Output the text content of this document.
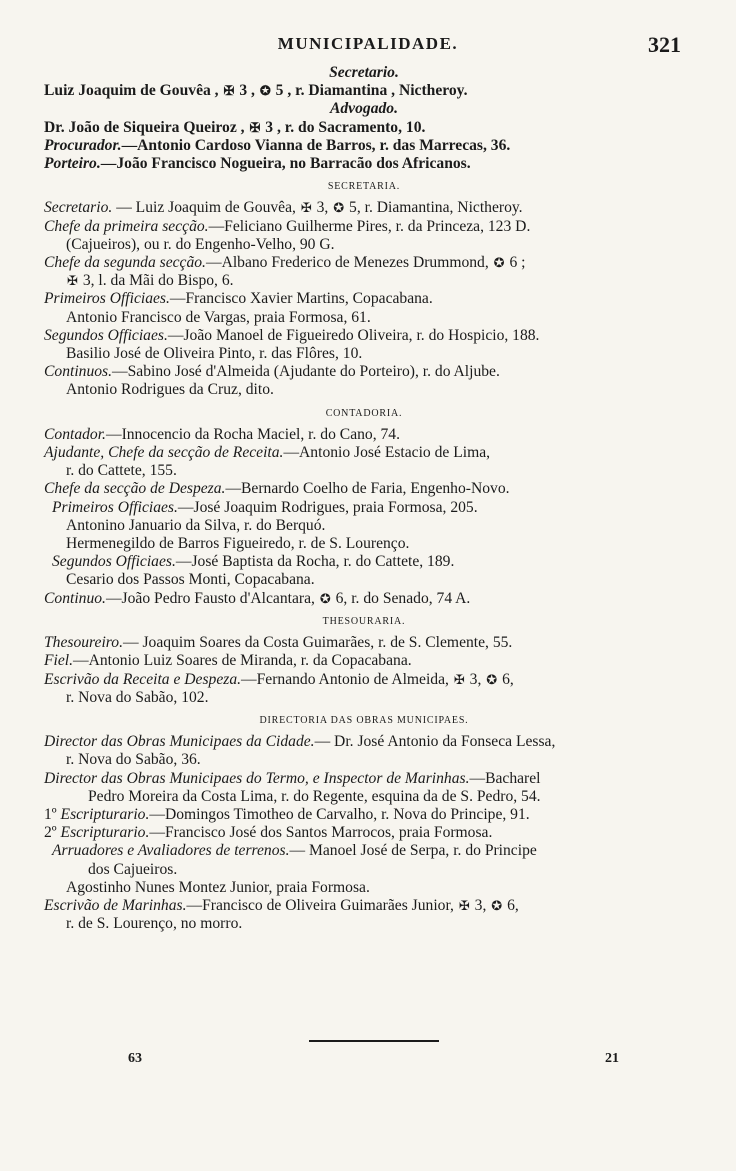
MUNICIPALIDADE.	321
Secretario.
Luiz Joaquim de Gouvêa , ✠ 3 , ✪ 5 , r. Diamantina , Nictheroy.
Advogado.
Dr. João de Siqueira Queiroz , ✠ 3 , r. do Sacramento, 10.
Procurador.—Antonio Cardoso Vianna de Barros, r. das Marrecas, 36.
Porteiro.—João Francisco Nogueira, no Barracão dos Africanos.
SECRETARIA.
Secretario. — Luiz Joaquim de Gouvêa, ✠ 3, ✪ 5, r. Diamantina, Nictheroy.
Chefe da primeira secção.—Feliciano Guilherme Pires, r. da Princeza, 123 D.
(Cajueiros), ou r. do Engenho-Velho, 90 G.
Chefe da segunda secção.—Albano Frederico de Menezes Drummond, ✪ 6 ;
✠ 3, l. da Mãi do Bispo, 6.
Primeiros Officiaes.—Francisco Xavier Martins, Copacabana.
Antonio Francisco de Vargas, praia Formosa, 61.
Segundos Officiaes.—João Manoel de Figueiredo Oliveira, r. do Hospicio, 188.
Basilio José de Oliveira Pinto, r. das Flôres, 10.
Continuos.—Sabino José d'Almeida (Ajudante do Porteiro), r. do Aljube.
Antonio Rodrigues da Cruz, dito.
CONTADORIA.
Contador.—Innocencio da Rocha Maciel, r. do Cano, 74.
Ajudante, Chefe da secção de Receita.—Antonio José Estacio de Lima,
r. do Cattete, 155.
Chefe da secção de Despeza.—Bernardo Coelho de Faria, Engenho-Novo.
Primeiros Officiaes.—José Joaquim Rodrigues, praia Formosa, 205.
Antonino Januario da Silva, r. do Berquó.
Hermenegildo de Barros Figueiredo, r. de S. Lourenço.
Segundos Officiaes.—José Baptista da Rocha, r. do Cattete, 189.
Cesario dos Passos Monti, Copacabana.
Continuo.—João Pedro Fausto d'Alcantara, ✪ 6, r. do Senado, 74 A.
THESOURARIA.
Thesoureiro.— Joaquim Soares da Costa Guimarães, r. de S. Clemente, 55.
Fiel.—Antonio Luiz Soares de Miranda, r. da Copacabana.
Escrivão da Receita e Despeza.—Fernando Antonio de Almeida, ✠ 3, ✪ 6,
r. Nova do Sabão, 102.
DIRECTORIA DAS OBRAS MUNICIPAES.
Director das Obras Municipaes da Cidade.— Dr. José Antonio da Fonseca Lessa,
r. Nova do Sabão, 36.
Director das Obras Municipaes do Termo, e Inspector de Marinhas.—Bacharel
Pedro Moreira da Costa Lima, r. do Regente, esquina da de S. Pedro, 54.
1º Escripturario.—Domingos Timotheo de Carvalho, r. Nova do Principe, 91.
2º Escripturario.—Francisco José dos Santos Marrocos, praia Formosa.
Arruadores e Avaliadores de terrenos.— Manoel José de Serpa, r. do Principe
dos Cajueiros.
Agostinho Nunes Montez Junior, praia Formosa.
Escrivão de Marinhas.—Francisco de Oliveira Guimarães Junior, ✠ 3, ✪ 6,
r. de S. Lourenço, no morro.
63	21
